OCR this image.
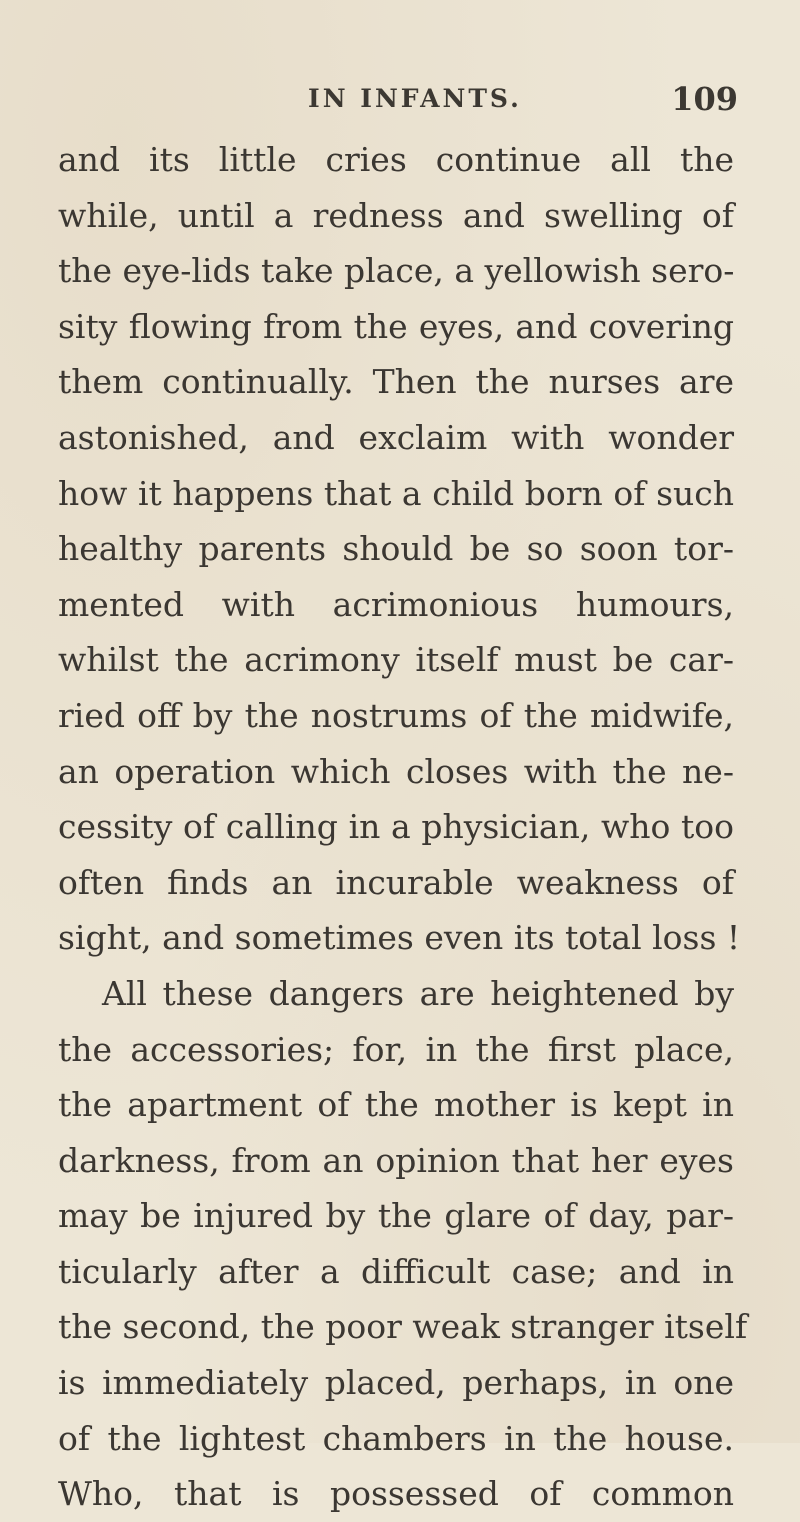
IN INFANTS.	109
and its little cries continue all the
while, until a redness and swelling of
the eye-lids take place, a yellowish sero-
sity flowing from the eyes, and covering
them continually. Then the nurses are
astonished, and exclaim with wonder
how it happens that a child born of such
healthy parents should be so soon tor-
mented with acrimonious humours,
whilst the acrimony itself must be car-
ried off by the nostrums of the midwife,
an operation which closes with the ne-
cessity of calling in a physician, who too
often finds an incurable weakness of
sight, and sometimes even its total loss !
All these dangers are heightened by
the accessories; for, in the first place,
the apartment of the mother is kept in
darkness, from an opinion that her eyes
may be injured by the glare of day, par-
ticularly after a difficult case; and in
the second, the poor weak stranger itself
is immediately placed, perhaps, in one
of the lightest chambers in the house.
Who, that is possessed of common
